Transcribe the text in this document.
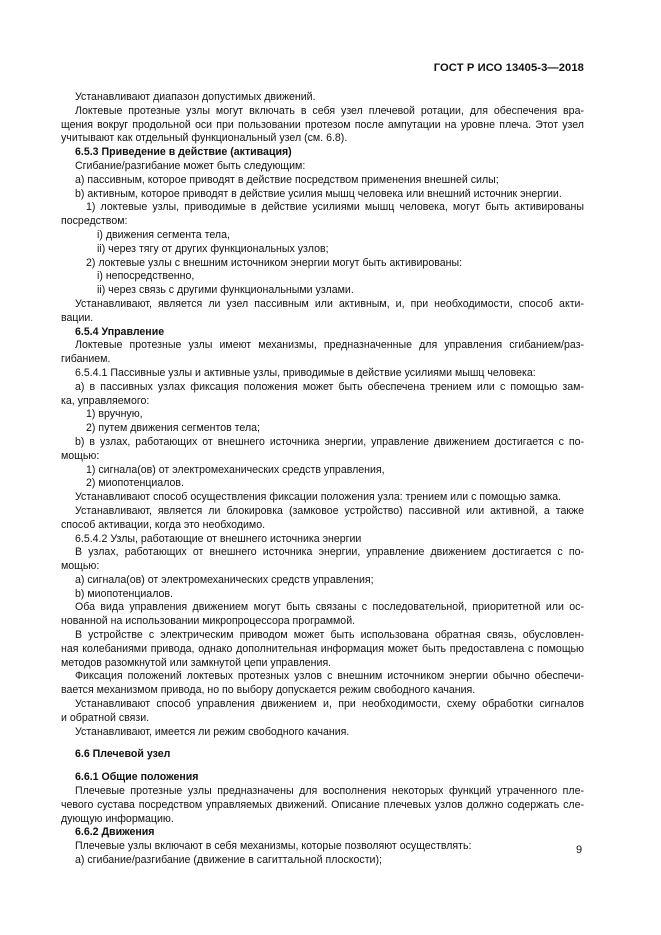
ГОСТ Р ИСО 13405-3—2018
Устанавливают диапазон допустимых движений.
Локтевые протезные узлы могут включать в себя узел плечевой ротации, для обеспечения вра-
щения вокруг продольной оси при пользовании протезом после ампутации на уровне плеча. Этот узел
учитывают как отдельный функциональный узел (см. 6.8).
6.5.3 Приведение в действие (активация)
Сгибание/разгибание может быть следующим:
а) пассивным, которое приводят в действие посредством применения внешней силы;
b) активным, которое приводят в действие усилия мышц человека или внешний источник энергии.
1) локтевые узлы, приводимые в действие усилиями мышц человека, могут быть активированы
посредством:
i) движения сегмента тела,
ii) через тягу от других функциональных узлов;
2) локтевые узлы с внешним источником энергии могут быть активированы:
i) непосредственно,
ii) через связь с другими функциональными узлами.
Устанавливают, является ли узел пассивным или активным, и, при необходимости, способ акти-
вации.
6.5.4 Управление
Локтевые протезные узлы имеют механизмы, предназначенные для управления сгибанием/раз-
гибанием.
6.5.4.1 Пассивные узлы и активные узлы, приводимые в действие усилиями мышц человека:
а) в пассивных узлах фиксация положения может быть обеспечена трением или с помощью зам-
ка, управляемого:
1) вручную,
2) путем движения сегментов тела;
b) в узлах, работающих от внешнего источника энергии, управление движением достигается с по-
мощью:
1) сигнала(ов) от электромеханических средств управления,
2) миопотенциалов.
Устанавливают способ осуществления фиксации положения узла: трением или с помощью замка.
Устанавливают, является ли блокировка (замковое устройство) пассивной или активной, а также
способ активации, когда это необходимо.
6.5.4.2 Узлы, работающие от внешнего источника энергии
В узлах, работающих от внешнего источника энергии, управление движением достигается с по-
мощью:
а) сигнала(ов) от электромеханических средств управления;
b) миопотенциалов.
Оба вида управления движением могут быть связаны с последовательной, приоритетной или ос-
нованной на использовании микропроцессора программой.
В устройстве с электрическим приводом может быть использована обратная связь, обусловлен-
ная колебаниями привода, однако дополнительная информация может быть предоставлена с помощью
методов разомкнутой или замкнутой цепи управления.
Фиксация положений локтевых протезных узлов с внешним источником энергии обычно обеспечи-
вается механизмом привода, но по выбору допускается режим свободного качания.
Устанавливают способ управления движением и, при необходимости, схему обработки сигналов
и обратной связи.
Устанавливают, имеется ли режим свободного качания.
6.6 Плечевой узел
6.6.1 Общие положения
Плечевые протезные узлы предназначены для восполнения некоторых функций утраченного пле-
чевого сустава посредством управляемых движений. Описание плечевых узлов должно содержать сле-
дующую информацию.
6.6.2 Движения
Плечевые узлы включают в себя механизмы, которые позволяют осуществлять:
а) сгибание/разгибание (движение в сагиттальной плоскости);
9
